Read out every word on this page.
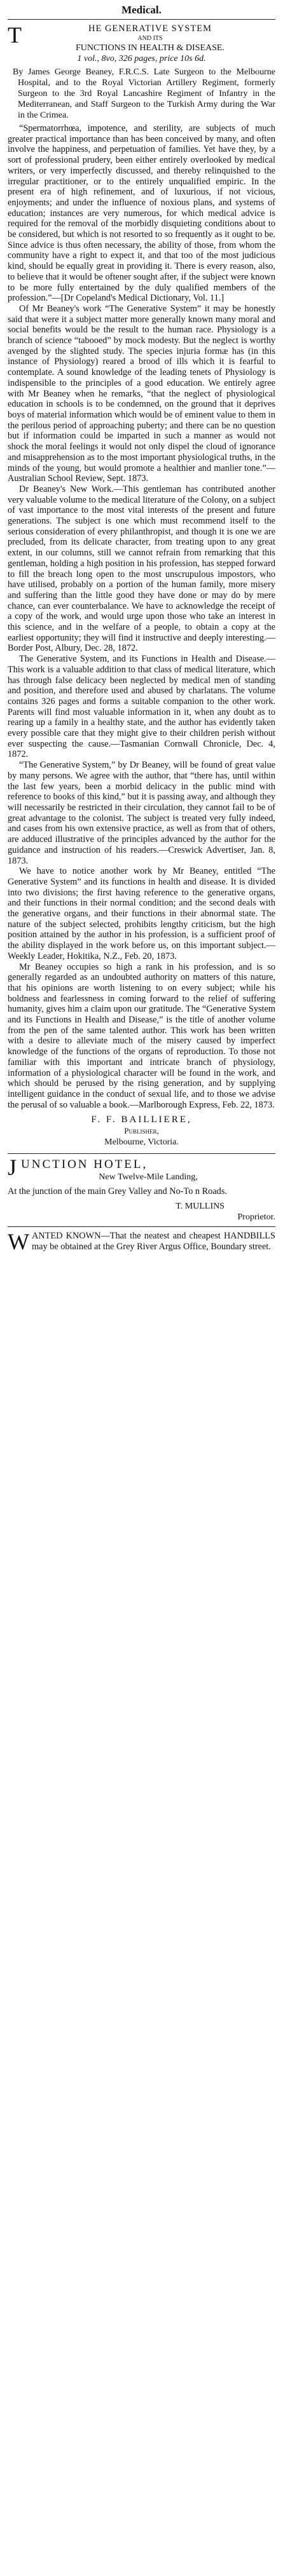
Medical.
T	HE GENERATIVE SYSTEM
AND ITS
FUNCTIONS IN HEALTH & DISEASE.
1 vol., 8vo, 326 pages, price 10s 6d.
By James George Beaney, F.R.C.S. Late Surgeon to the Melbourne Hospital, and to the Royal Victorian Artillery Regiment, formerly Surgeon to the 3rd Royal Lancashire Regiment of Infantry in the Mediterranean, and Staff Surgeon to the Turkish Army during the War in the Crimea.

“Spermatorrhœa, impotence, and sterility, are subjects of much greater practical importance than has been conceived by many, and often involve the happiness, and perpetuation of families. Yet have they, by a sort of professional prudery, been either entirely overlooked by medical writers, or very imperfectly discussed, and thereby relinquished to the irregular practitioner, or to the entirely unqualified empiric. In the present era of high refinement, and of luxurious, if not vicious, enjoyments; and under the influence of noxious plans, and systems of education; instances are very numerous, for which medical advice is required for the removal of the morbidly disquieting conditions about to be considered, but which is not resorted to so frequently as it ought to be. Since advice is thus often necessary, the ability of those, from whom the community have a right to expect it, and that too of the most judicious kind, should be equally great in providing it. There is every reason, also, to believe that it would be oftener sought after, if the subject were known to be more fully entertained by the duly qualified members of the profession.”—[Dr Copeland's Medical Dictionary, Vol. 11.]

Of Mr Beaney's work “The Generative System” it may be honestly said that were it a subject matter more generally known many moral and social benefits would be the result to the human race. Physiology is a branch of science “tabooed” by mock modesty. But the neglect is worthy avenged by the slighted study. The species injuria formæ has (in this instance of Physiology) reared a brood of ills which it is fearful to contemplate. A sound knowledge of the leading tenets of Physiology is indispensible to the principles of a good education. We entirely agree with Mr Beaney when he remarks, “that the neglect of physiological education in schools is to be condemned, on the ground that it deprives boys of material information which would be of eminent value to them in the perilous period of approaching puberty; and there can be no question but if information could be imparted in such a manner as would not shock the moral feelings it would not only dispel the cloud of ignorance and misapprehension as to the most important physiological truths, in the minds of the young, but would promote a healthier and manlier tone.”—Australian School Review, Sept. 1873.

Dr Beaney's New Work.—This gentleman has contributed another very valuable volume to the medical literature of the Colony, on a subject of vast importance to the most vital interests of the present and future generations. The subject is one which must recommend itself to the serious consideration of every philanthropist, and though it is one we are precluded, from its delicate character, from treating upon to any great extent, in our columns, still we cannot refrain from remarking that this gentleman, holding a high position in his profession, has stepped forward to fill the breach long open to the most unscrupulous impostors, who have utilised, probably on a portion of the human family, more misery and suffering than the little good they have done or may do by mere chance, can ever counterbalance. We have to acknowledge the receipt of a copy of the work, and would urge upon those who take an interest in this science, and in the welfare of a people, to obtain a copy at the earliest opportunity; they will find it instructive and deeply interesting.—Border Post, Albury, Dec. 28, 1872.

The Generative System, and its Functions in Health and Disease.—This work is a valuable addition to that class of medical literature, which has through false delicacy been neglected by medical men of standing and position, and therefore used and abused by charlatans. The volume contains 326 pages and forms a suitable companion to the other work. Parents will find most valuable information in it, when any doubt as to rearing up a family in a healthy state, and the author has evidently taken every possible care that they might give to their children perish without ever suspecting the cause.—Tasmanian Cornwall Chronicle, Dec. 4, 1872.

“The Generative System,” by Dr Beaney, will be found of great value by many persons. We agree with the author, that “there has, until within the last few years, been a morbid delicacy in the public mind with reference to books of this kind,” but it is passing away, and although they will necessarily be restricted in their circulation, they cannot fail to be of great advantage to the colonist. The subject is treated very fully indeed, and cases from his own extensive practice, as well as from that of others, are adduced illustrative of the principles advanced by the author for the guidance and instruction of his readers.—Creswick Advertiser, Jan. 8, 1873.

We have to notice another work by Mr Beaney, entitled “The Generative System” and its functions in health and disease. It is divided into two divisions; the first having reference to the generative organs, and their functions in their normal condition; and the second deals with the generative organs, and their functions in their abnormal state. The nature of the subject selected, prohibits lengthy criticism, but the high position attained by the author in his profession, is a sufficient proof of the ability displayed in the work before us, on this important subject.—Weekly Leader, Hokitika, N.Z., Feb. 20, 1873.

Mr Beaney occupies so high a rank in his profession, and is so generally regarded as an undoubted authority on matters of this nature, that his opinions are worth listening to on every subject; while his boldness and fearlessness in coming forward to the relief of suffering humanity, gives him a claim upon our gratitude. The “Generative System and its Functions in Health and Disease,” is the title of another volume from the pen of the same talented author. This work has been written with a desire to alleviate much of the misery caused by imperfect knowledge of the functions of the organs of reproduction. To those not familiar with this important and intricate branch of physiology, information of a physiological character will be found in the work, and which should be perused by the rising generation, and by supplying intelligent guidance in the conduct of sexual life, and to those we advise the perusal of so valuable a book.—Marlborough Express, Feb. 22, 1873.

F. F. BAILLIERE,
Publisher,
Melbourne, Victoria.
J UNCTION HOTEL,
New Twelve-Mile Landing,
At the junction of the main Grey Valley and No-To n Roads.
T. MULLINS
Proprietor.
W ANTED KNOWN—That the neatest and cheapest HANDBILLS may be obtained at the Grey River Argus Office, Boundary street.
